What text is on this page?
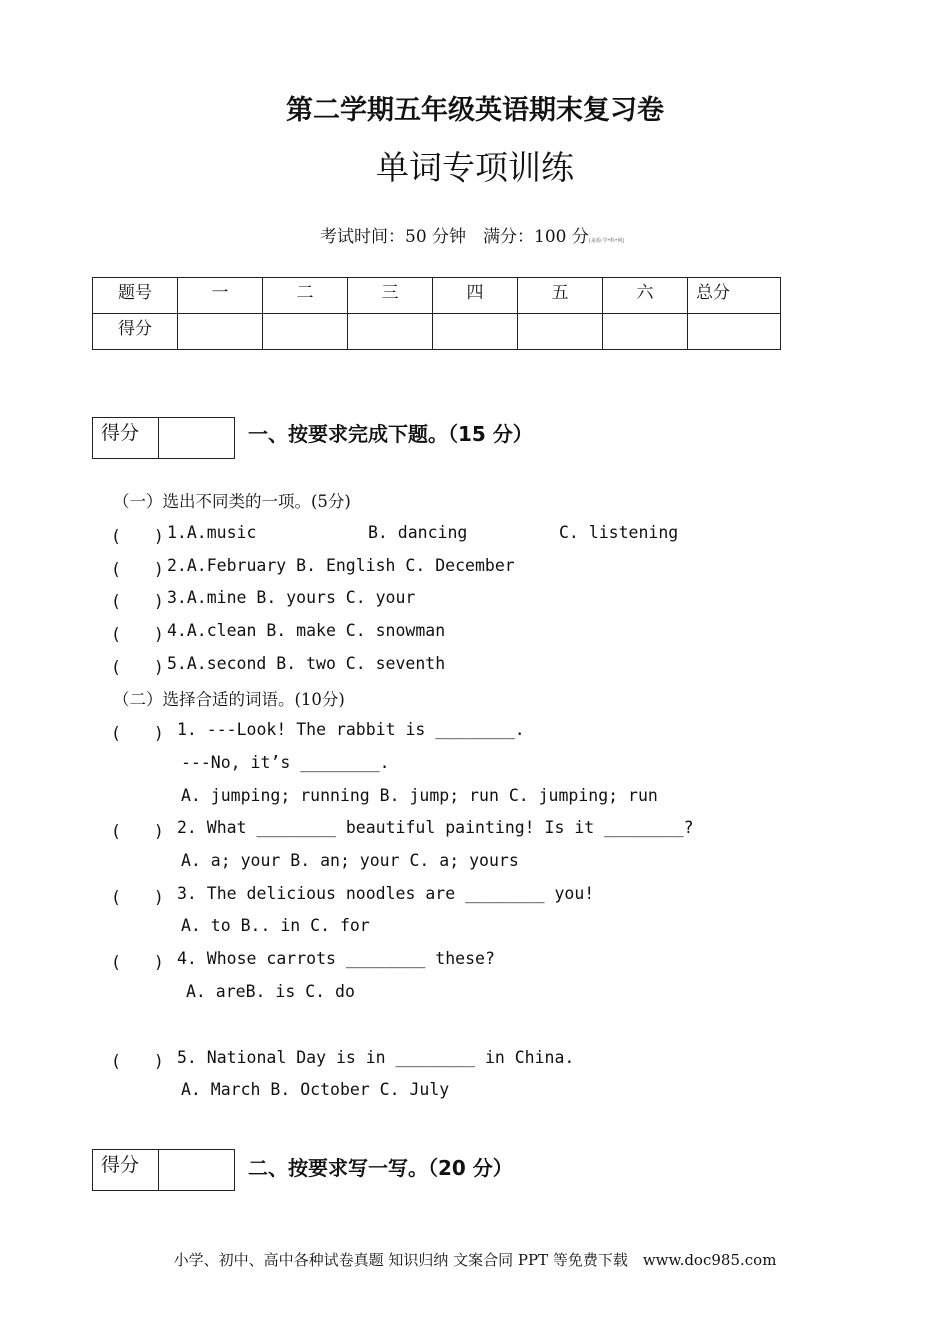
第二学期五年级英语期末复习卷
单词专项训练
考试时间：50 分钟　满分：100 分[来源:学*科*网]
题号	一	二	三	四	五	六	总分
得分							
得分		一、按要求完成下题。（15 分）
（一）选出不同类的一项。(5分)
(　　) 1.A.music	B. dancing	C. listening
(　　) 2.A.February B. English C. December
(　　) 3.A.mine B. yours C. your
(　　) 4.A.clean B. make C. snowman
(　　) 5.A.second B. two C. seventh
（二）选择合适的词语。(10分)
(　　) 1. ---Look! The rabbit is ________.
---No, it’s ________.
A. jumping; running B. jump; run C. jumping; run
(　　) 2. What ________ beautiful painting! Is it ________?
A. a; your B. an; your C. a; yours
(　　) 3. The delicious noodles are ________ you!
A. to B.. in C. for
(　　) 4. Whose carrots ________ these?
A. areB. is C. do
(　　) 5. National Day is in ________ in China.
A. March B. October C. July
得分		二、按要求写一写。（20 分）
小学、初中、高中各种试卷真题 知识归纳 文案合同 PPT 等免费下载　www.doc985.com
